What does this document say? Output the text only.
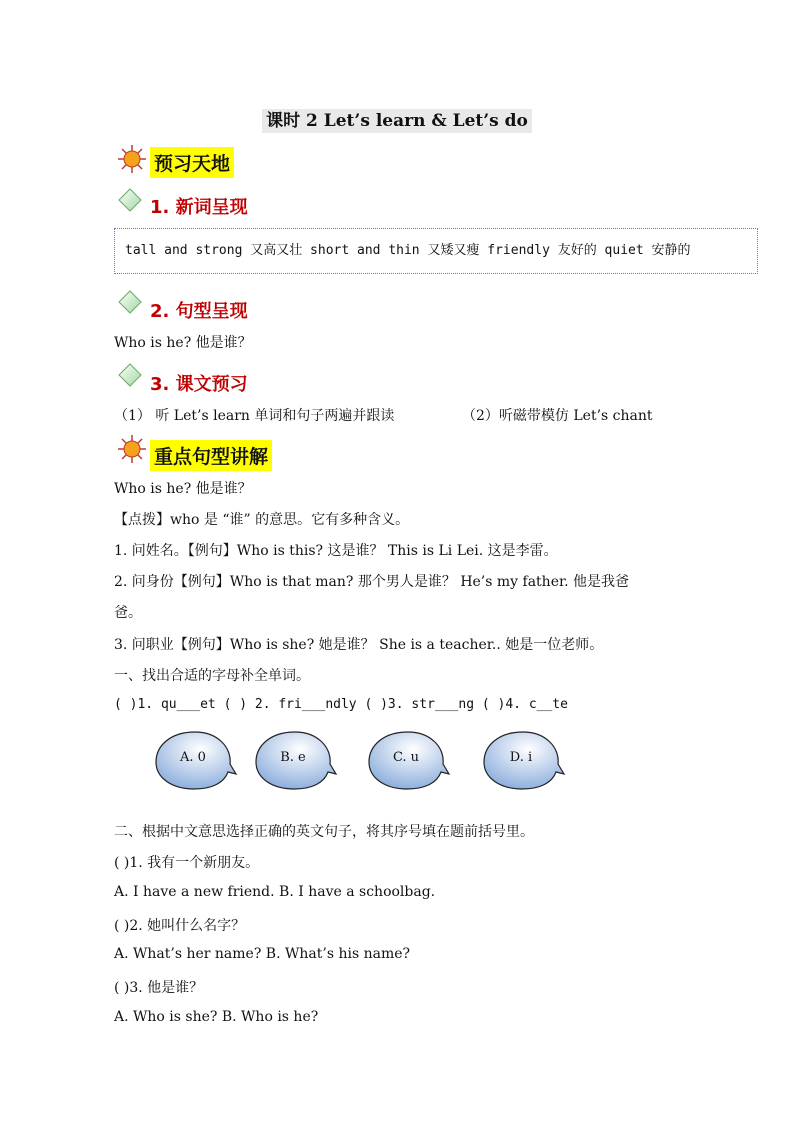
课时 2 Let’s learn & Let’s do
预习天地
1. 新词呈现
tall and strong 又高又壮 short and thin 又矮又瘦 friendly 友好的 quiet 安静的
2. 句型呈现
Who is he? 他是谁？
3. 课文预习
（1） 听 Let’s learn 单词和句子两遍并跟读	（2）听磁带模仿 Let’s chant
重点句型讲解
Who is he? 他是谁？
【点拨】who 是 “谁” 的意思。它有多种含义。
1. 问姓名。【例句】Who is this? 这是谁？ This is Li Lei. 这是李雷。
2. 问身份【例句】Who is that man? 那个男人是谁？ He’s my father. 他是我爸
爸。
3. 问职业【例句】Who is she? 她是谁？ She is a teacher.. 她是一位老师。
一、找出合适的字母补全单词。
( )1. qu___et ( ) 2. fri___ndly ( )3. str___ng ( )4. c__te
A. 0	B. e	C. u	D. i
二、根据中文意思选择正确的英文句子，将其序号填在题前括号里。
( )1. 我有一个新朋友。
A. I have a new friend. B. I have a schoolbag.
( )2. 她叫什么名字？
A. What’s her name? B. What’s his name?
( )3. 他是谁？
A. Who is she? B. Who is he?
